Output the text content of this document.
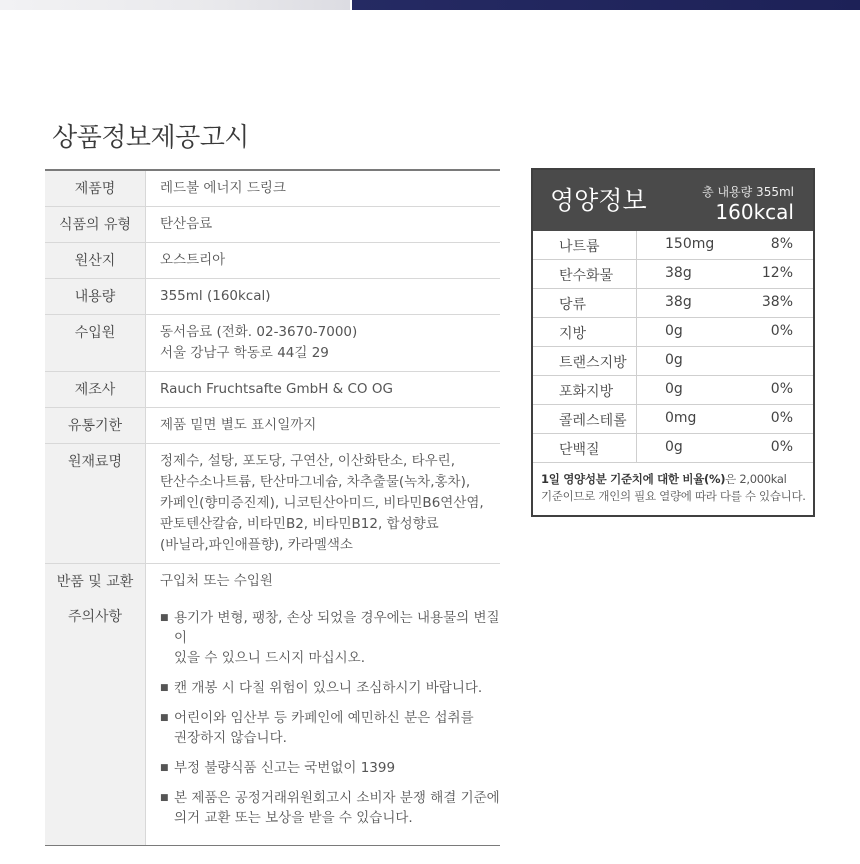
상품정보제공고시
제품명	레드불 에너지 드링크
식품의 유형	탄산음료
원산지	오스트리아
내용량	355ml (160kcal)
수입원	동서음료 (전화. 02-3670-7000)
서울 강남구 학동로 44길 29
제조사	Rauch Fruchtsafte GmbH & CO OG
유통기한	제품 밑면 별도 표시일까지
원재료명	정제수, 설탕, 포도당, 구연산, 이산화탄소, 타우린,
탄산수소나트륨, 탄산마그네슘, 차추출물(녹차,홍차),
카페인(향미증진제), 니코틴산아미드, 비타민B6연산염,
판토텐산칼슘, 비타민B2, 비타민B12, 합성향료
(바닐라,파인애플향), 카라멜색소
반품 및 교환	구입처 또는 수입원
주의사항	■ 용기가 변형, 팽창, 손상 되었을 경우에는 내용물의 변질이
있을 수 있으니 드시지 마십시오.
■ 캔 개봉 시 다칠 위험이 있으니 조심하시기 바랍니다.
■ 어린이와 임산부 등 카페인에 예민하신 분은 섭취를
권장하지 않습니다.
■ 부정 불량식품 신고는 국번없이 1399
■ 본 제품은 공정거래위원회고시 소비자 분쟁 해결 기준에
의거 교환 또는 보상을 받을 수 있습니다.
영양정보	총 내용량 355ml
160kcal
나트륨	150mg	8%
탄수화물	38g	12%
당류	38g	38%
지방	0g	0%
트랜스지방	0g
포화지방	0g	0%
콜레스테롤	0mg	0%
단백질	0g	0%
1일 영양성분 기준치에 대한 비율(%)은 2,000kal
기준이므로 개인의 필요 열량에 따라 다를 수 있습니다.
